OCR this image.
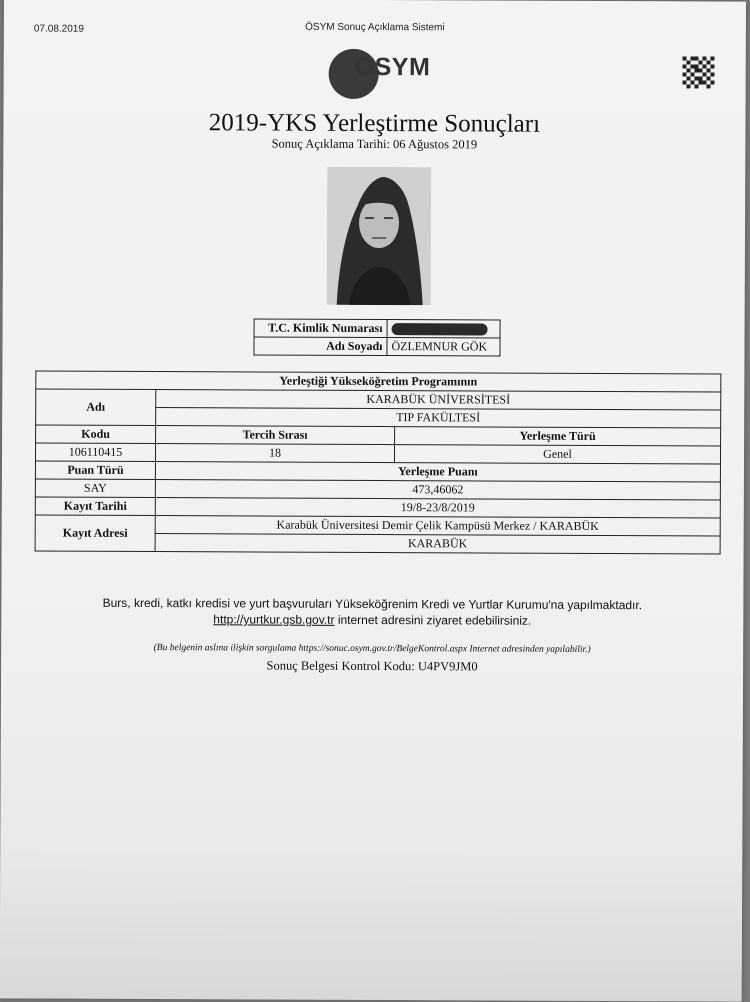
07.08.2019	ÖSYM Sonuç Açıklama Sistemi
ÖSYM
2019-YKS Yerleştirme Sonuçları
Sonuç Açıklama Tarihi: 06 Ağustos 2019
T.C. Kimlik Numarası	
Adı Soyadı	ÖZLEMNUR GÖK
Yerleştiği Yükseköğretim Programının		
Adı	KARABÜK ÜNİVERSİTESİ	
	TIP FAKÜLTESİ	
Kodu	Tercih Sırası	Yerleşme Türü
106110415	18	Genel
Puan Türü	Yerleşme Puanı	
SAY	473,46062	
Kayıt Tarihi	19/8-23/8/2019	
Kayıt Adresi	Karabük Üniversitesi Demir Çelik Kampüsü Merkez / KARABÜK	
	KARABÜK	
Burs, kredi, katkı kredisi ve yurt başvuruları Yükseköğrenim Kredi ve Yurtlar Kurumu'na yapılmaktadır.
http://yurtkur.gsb.gov.tr internet adresini ziyaret edebilirsiniz.
(Bu belgenin aslına ilişkin sorgulama https://sonuc.osym.gov.tr/BelgeKontrol.aspx Internet adresinden yapılabilir.)
Sonuç Belgesi Kontrol Kodu: U4PV9JM0
